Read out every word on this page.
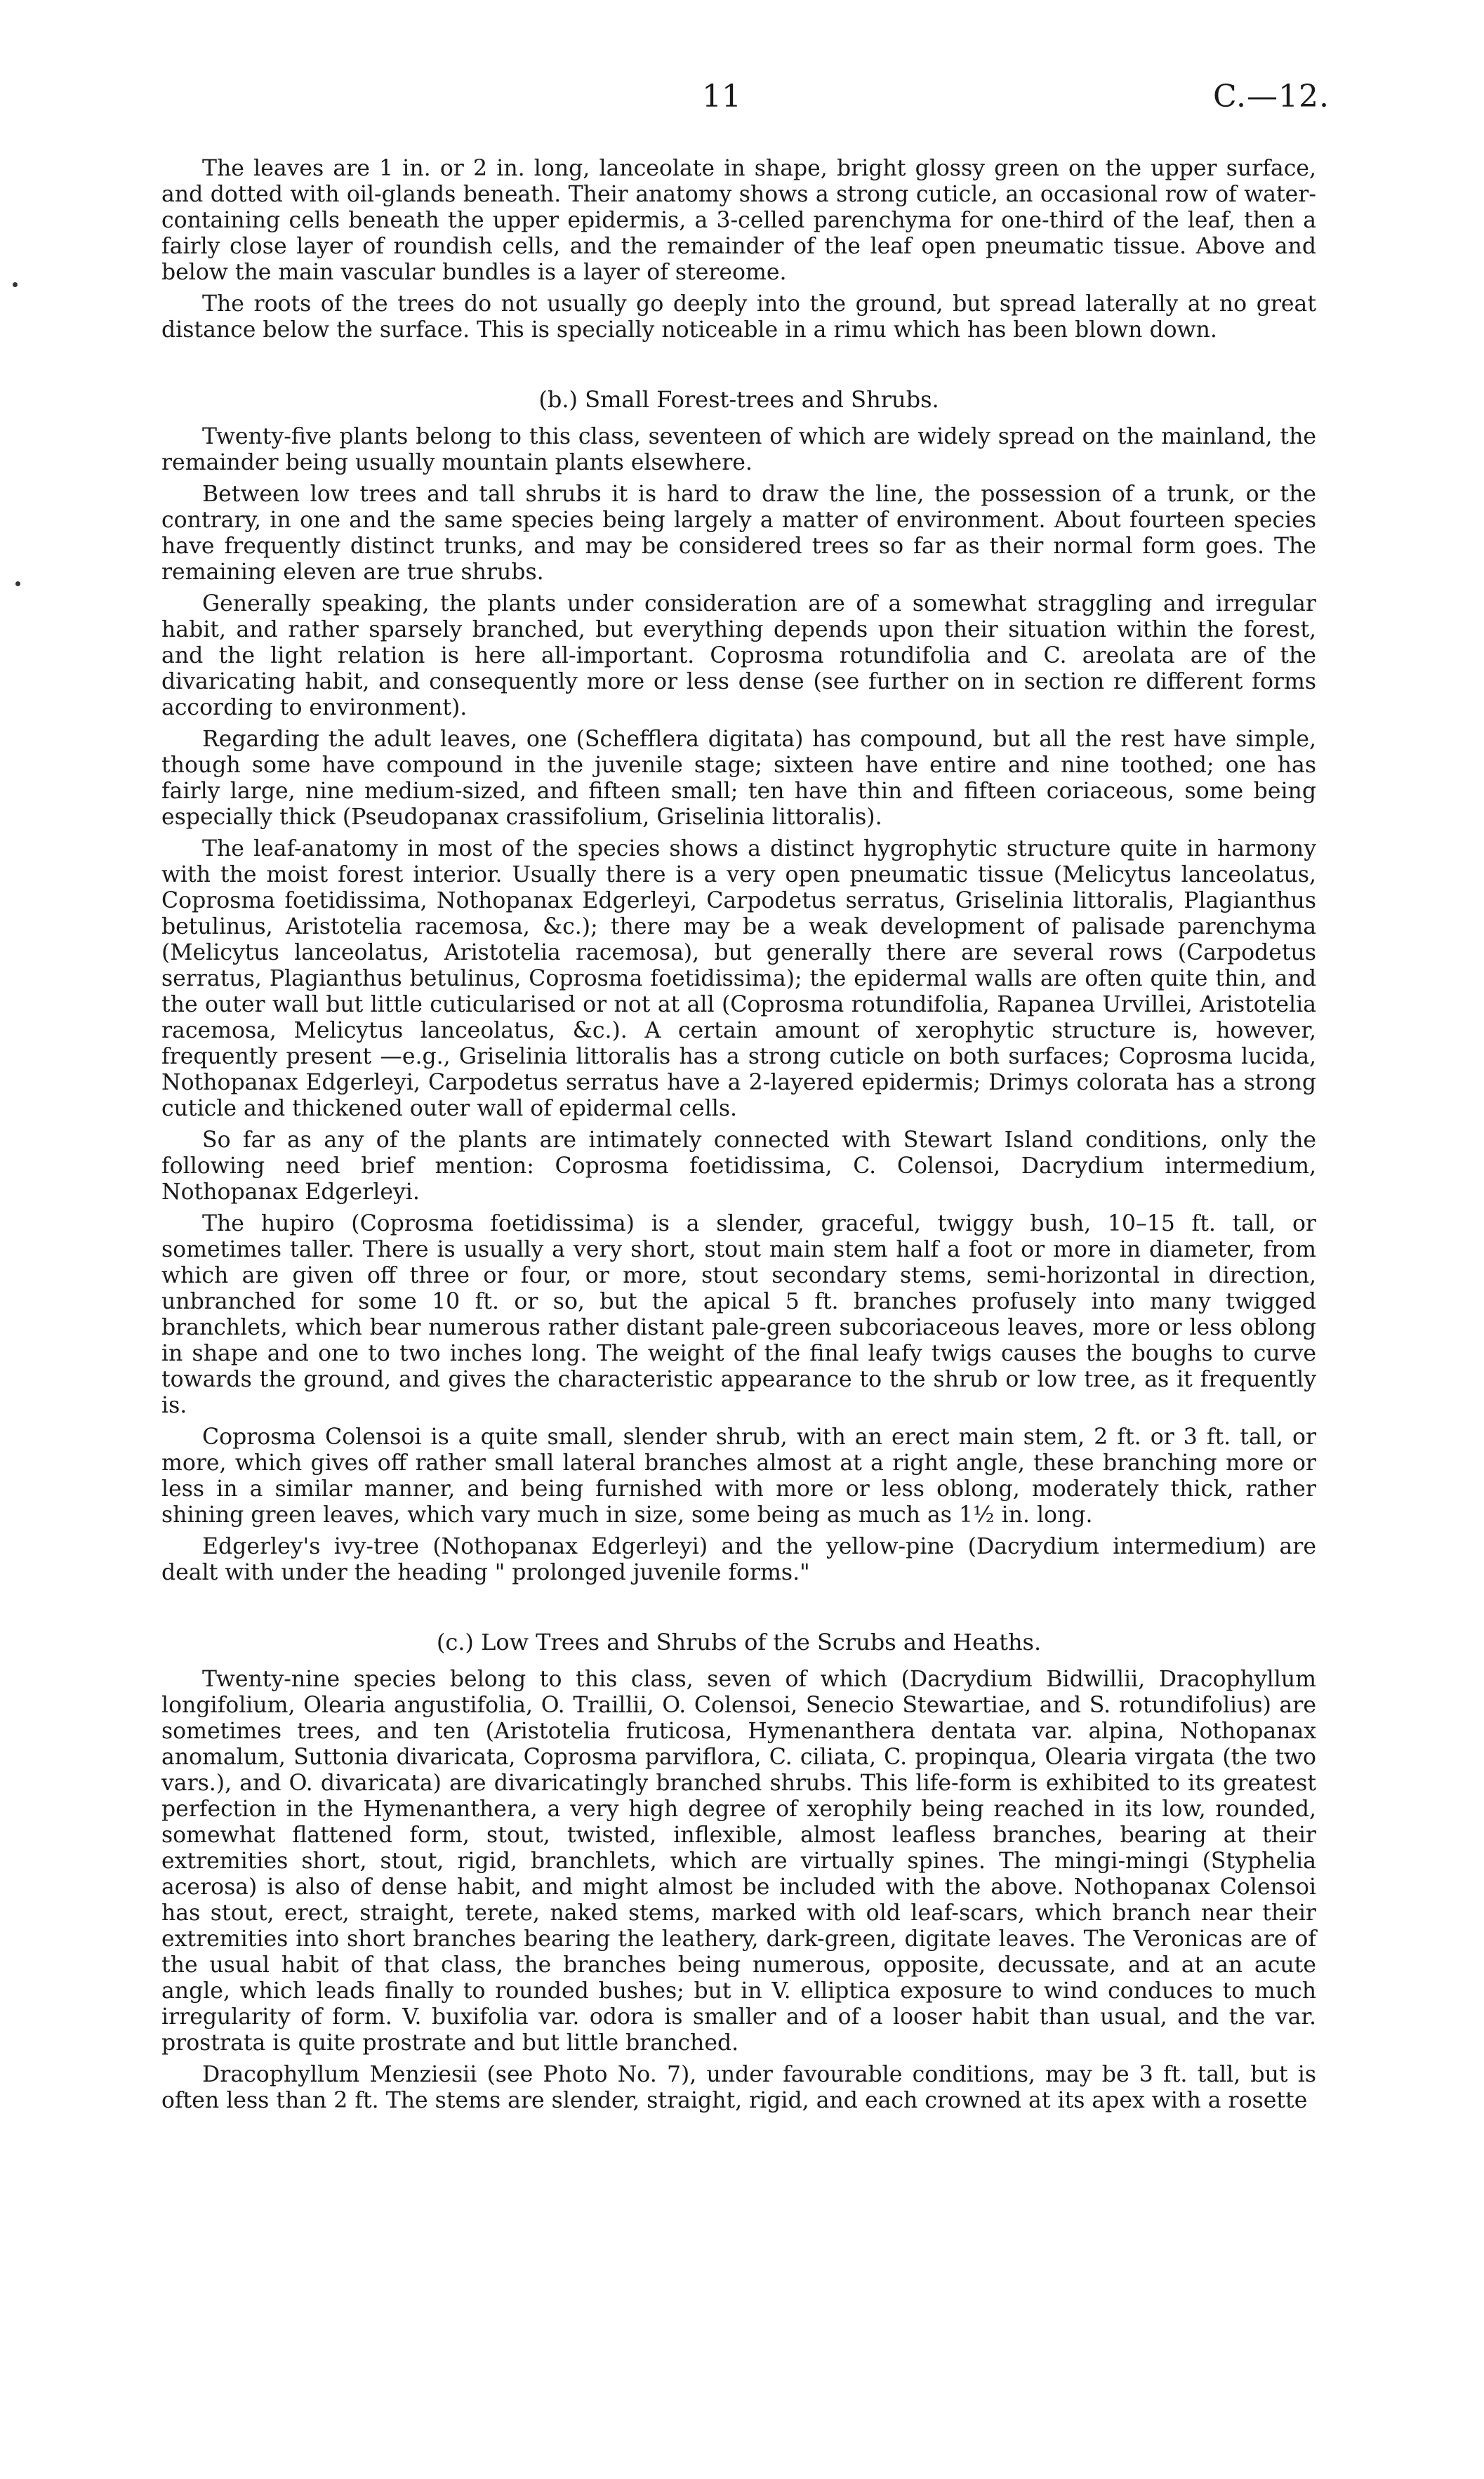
11	C.—12.

The leaves are 1 in. or 2 in. long, lanceolate in shape, bright glossy green on the upper surface, and dotted with oil-glands beneath. Their anatomy shows a strong cuticle, an occasional row of water-containing cells beneath the upper epidermis, a 3-celled parenchyma for one-third of the leaf, then a fairly close layer of roundish cells, and the remainder of the leaf open pneumatic tissue. Above and below the main vascular bundles is a layer of stereome.

The roots of the trees do not usually go deeply into the ground, but spread laterally at no great distance below the surface. This is specially noticeable in a rimu which has been blown down.

(b.) Small Forest-trees and Shrubs.

Twenty-five plants belong to this class, seventeen of which are widely spread on the mainland, the remainder being usually mountain plants elsewhere.

Between low trees and tall shrubs it is hard to draw the line, the possession of a trunk, or the contrary, in one and the same species being largely a matter of environment. About fourteen species have frequently distinct trunks, and may be considered trees so far as their normal form goes. The remaining eleven are true shrubs.

Generally speaking, the plants under consideration are of a somewhat straggling and irregular habit, and rather sparsely branched, but everything depends upon their situation within the forest, and the light relation is here all-important. Coprosma rotundifolia and C. areolata are of the divaricating habit, and consequently more or less dense (see further on in section re different forms according to environment).

Regarding the adult leaves, one (Schefflera digitata) has compound, but all the rest have simple, though some have compound in the juvenile stage; sixteen have entire and nine toothed; one has fairly large, nine medium-sized, and fifteen small; ten have thin and fifteen coriaceous, some being especially thick (Pseudopanax crassifolium, Griselinia littoralis).

The leaf-anatomy in most of the species shows a distinct hygrophytic structure quite in harmony with the moist forest interior. Usually there is a very open pneumatic tissue (Melicytus lanceolatus, Coprosma foetidissima, Nothopanax Edgerleyi, Carpodetus serratus, Griselinia littoralis, Plagianthus betulinus, Aristotelia racemosa, &c.); there may be a weak development of palisade parenchyma (Melicytus lanceolatus, Aristotelia racemosa), but generally there are several rows (Carpodetus serratus, Plagianthus betulinus, Coprosma foetidissima); the epidermal walls are often quite thin, and the outer wall but little cuticularised or not at all (Coprosma rotundifolia, Rapanea Urvillei, Aristotelia racemosa, Melicytus lanceolatus, &c.). A certain amount of xerophytic structure is, however, frequently present —e.g., Griselinia littoralis has a strong cuticle on both surfaces; Coprosma lucida, Nothopanax Edgerleyi, Carpodetus serratus have a 2-layered epidermis; Drimys colorata has a strong cuticle and thickened outer wall of epidermal cells.

So far as any of the plants are intimately connected with Stewart Island conditions, only the following need brief mention: Coprosma foetidissima, C. Colensoi, Dacrydium intermedium, Nothopanax Edgerleyi.

The hupiro (Coprosma foetidissima) is a slender, graceful, twiggy bush, 10–15 ft. tall, or sometimes taller. There is usually a very short, stout main stem half a foot or more in diameter, from which are given off three or four, or more, stout secondary stems, semi-horizontal in direction, unbranched for some 10 ft. or so, but the apical 5 ft. branches profusely into many twigged branchlets, which bear numerous rather distant pale-green subcoriaceous leaves, more or less oblong in shape and one to two inches long. The weight of the final leafy twigs causes the boughs to curve towards the ground, and gives the characteristic appearance to the shrub or low tree, as it frequently is.

Coprosma Colensoi is a quite small, slender shrub, with an erect main stem, 2 ft. or 3 ft. tall, or more, which gives off rather small lateral branches almost at a right angle, these branching more or less in a similar manner, and being furnished with more or less oblong, moderately thick, rather shining green leaves, which vary much in size, some being as much as 1½ in. long.

Edgerley's ivy-tree (Nothopanax Edgerleyi) and the yellow-pine (Dacrydium intermedium) are dealt with under the heading " prolonged juvenile forms."

(c.) Low Trees and Shrubs of the Scrubs and Heaths.

Twenty-nine species belong to this class, seven of which (Dacrydium Bidwillii, Dracophyllum longifolium, Olearia angustifolia, O. Traillii, O. Colensoi, Senecio Stewartiae, and S. rotundifolius) are sometimes trees, and ten (Aristotelia fruticosa, Hymenanthera dentata var. alpina, Nothopanax anomalum, Suttonia divaricata, Coprosma parviflora, C. ciliata, C. propinqua, Olearia virgata (the two vars.), and O. divaricata) are divaricatingly branched shrubs. This life-form is exhibited to its greatest perfection in the Hymenanthera, a very high degree of xerophily being reached in its low, rounded, somewhat flattened form, stout, twisted, inflexible, almost leafless branches, bearing at their extremities short, stout, rigid, branchlets, which are virtually spines. The mingi-mingi (Styphelia acerosa) is also of dense habit, and might almost be included with the above. Nothopanax Colensoi has stout, erect, straight, terete, naked stems, marked with old leaf-scars, which branch near their extremities into short branches bearing the leathery, dark-green, digitate leaves. The Veronicas are of the usual habit of that class, the branches being numerous, opposite, decussate, and at an acute angle, which leads finally to rounded bushes; but in V. elliptica exposure to wind conduces to much irregularity of form. V. buxifolia var. odora is smaller and of a looser habit than usual, and the var. prostrata is quite prostrate and but little branched.

Dracophyllum Menziesii (see Photo No. 7), under favourable conditions, may be 3 ft. tall, but is often less than 2 ft. The stems are slender, straight, rigid, and each crowned at its apex with a rosette
